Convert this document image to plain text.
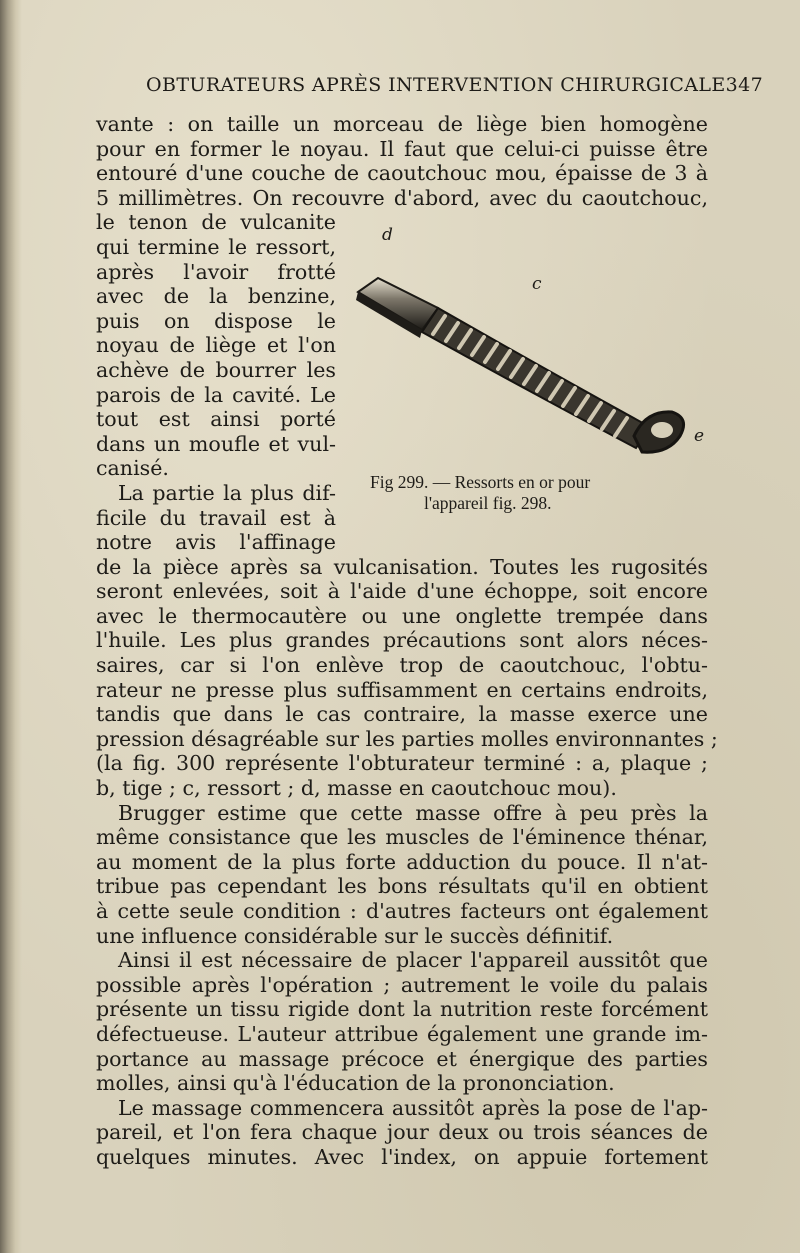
OBTURATEURS APRÈS INTERVENTION CHIRURGICALE 347
d
c
e
Fig 299. — Ressorts en or pour
l'appareil fig. 298.
vante : on taille un morceau de liège bien homogène
pour en former le noyau. Il faut que celui-ci puisse être
entouré d'une couche de caoutchouc mou, épaisse de 3 à
5 millimètres. On recouvre d'abord, avec du caoutchouc,
le tenon de vulcanite
qui termine le ressort,
après l'avoir frotté
avec de la benzine,
puis on dispose le
noyau de liège et l'on
achève de bourrer les
parois de la cavité. Le
tout est ainsi porté
dans un moufle et vul-
canisé.
La partie la plus dif-
ficile du travail est à
notre avis l'affinage
de la pièce après sa vulcanisation. Toutes les rugosités
seront enlevées, soit à l'aide d'une échoppe, soit encore
avec le thermocautère ou une onglette trempée dans
l'huile. Les plus grandes précautions sont alors néces-
saires, car si l'on enlève trop de caoutchouc, l'obtu-
rateur ne presse plus suffisamment en certains endroits,
tandis que dans le cas contraire, la masse exerce une
pression désagréable sur les parties molles environnantes ;
(la fig. 300 représente l'obturateur terminé : a, plaque ;
b, tige ; c, ressort ; d, masse en caoutchouc mou).
Brugger estime que cette masse offre à peu près la
même consistance que les muscles de l'éminence thénar,
au moment de la plus forte adduction du pouce. Il n'at-
tribue pas cependant les bons résultats qu'il en obtient
à cette seule condition : d'autres facteurs ont également
une influence considérable sur le succès définitif.
Ainsi il est nécessaire de placer l'appareil aussitôt que
possible après l'opération ; autrement le voile du palais
présente un tissu rigide dont la nutrition reste forcément
défectueuse. L'auteur attribue également une grande im-
portance au massage précoce et énergique des parties
molles, ainsi qu'à l'éducation de la prononciation.
Le massage commencera aussitôt après la pose de l'ap-
pareil, et l'on fera chaque jour deux ou trois séances de
quelques minutes. Avec l'index, on appuie fortement
